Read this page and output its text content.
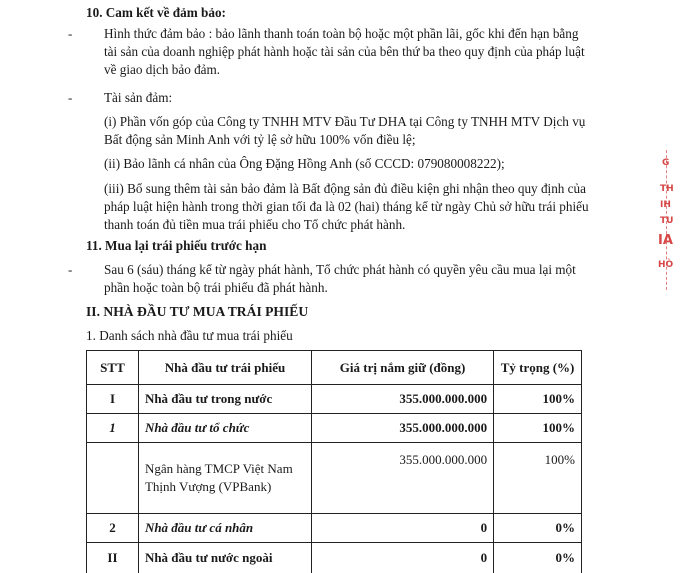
10. Cam kết về đảm bảo:
- Hình thức đảm bảo : bảo lãnh thanh toán toàn bộ hoặc một phần lãi, gốc khi đến hạn bằng
tài sản của doanh nghiệp phát hành hoặc tài sản của bên thứ ba theo quy định của pháp luật
về giao dịch bảo đảm.
- Tài sản đảm:
(i) Phần vốn góp của Công ty TNHH MTV Đầu Tư DHA tại Công ty TNHH MTV Dịch vụ
Bất động sản Minh Anh với tỷ lệ sở hữu 100% vốn điều lệ;
(ii) Bảo lãnh cá nhân của Ông Đặng Hồng Anh (số CCCD: 079080008222);
(iii) Bổ sung thêm tài sản bảo đảm là Bất động sản đủ điều kiện ghi nhận theo quy định của
pháp luật hiện hành trong thời gian tối đa là 02 (hai) tháng kể từ ngày Chủ sở hữu trái phiếu
thanh toán đủ tiền mua trái phiếu cho Tổ chức phát hành.
11. Mua lại trái phiếu trước hạn
- Sau 6 (sáu) tháng kể từ ngày phát hành, Tổ chức phát hành có quyền yêu cầu mua lại một
phần hoặc toàn bộ trái phiếu đã phát hành.
II. NHÀ ĐẦU TƯ MUA TRÁI PHIẾU
1. Danh sách nhà đầu tư mua trái phiếu
STT	Nhà đầu tư trái phiếu	Giá trị nắm giữ (đồng)	Tỷ trọng (%)
I	Nhà đầu tư trong nước	355.000.000.000	100%
1	Nhà đầu tư tổ chức	355.000.000.000	100%

	Ngân hàng TMCP Việt Nam
Thịnh Vượng (VPBank)	355.000.000.000	100%
2	Nhà đầu tư cá nhân	0	0%
II	Nhà đầu tư nước ngoài	0	0%
G
TH
IH
TU
IA
HÒ
